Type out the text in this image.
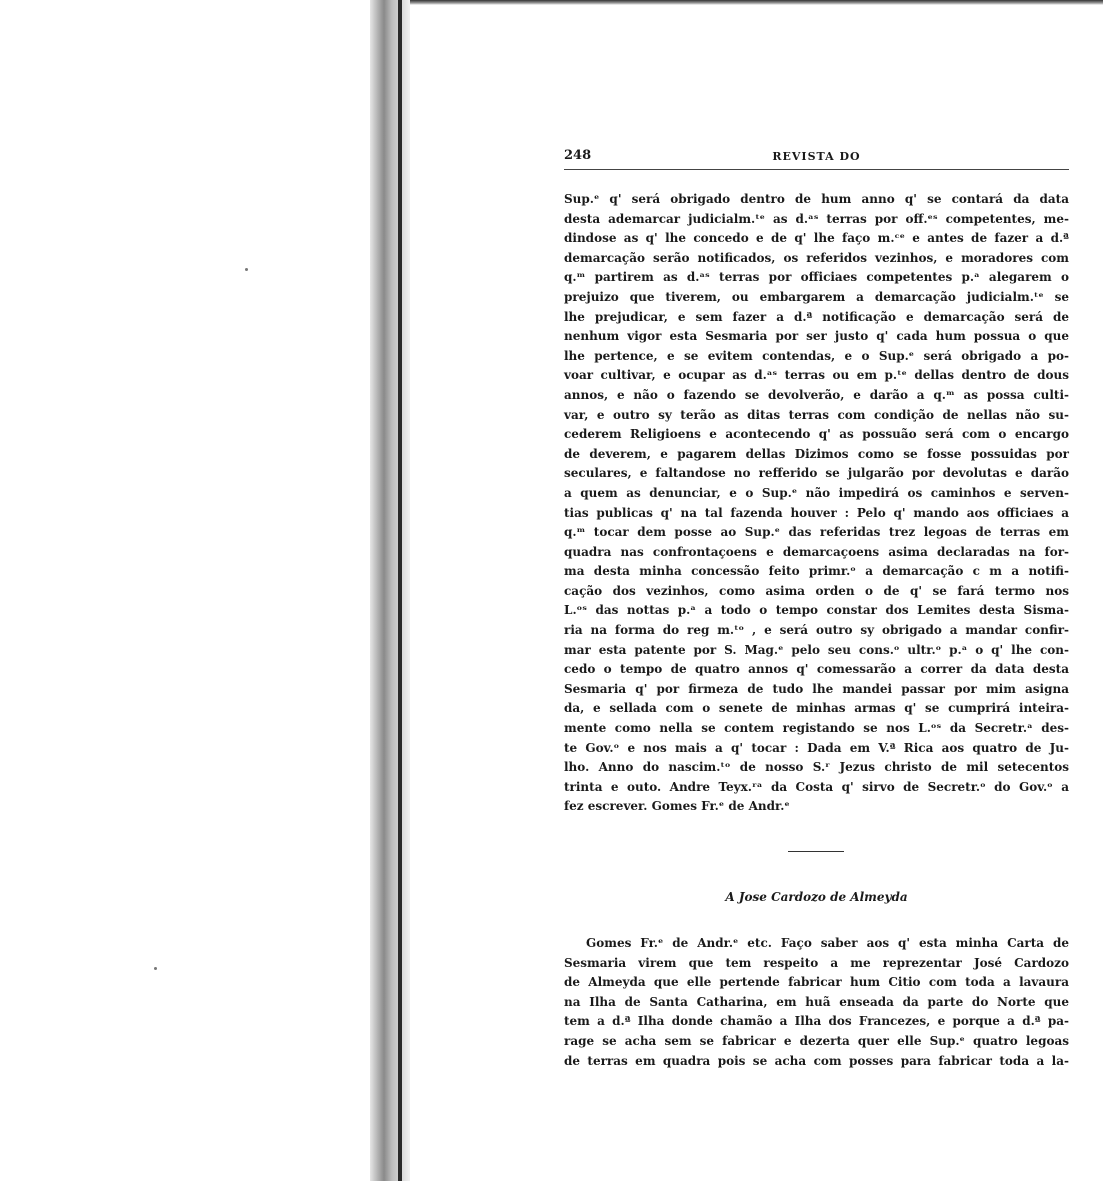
248	REVISTA DO
Sup.ᵉ q' será obrigado dentro de hum anno q' se contará da data
desta ademarcar judicialm.ᵗᵉ as d.ᵃˢ terras por off.ᵉˢ competentes, me-
dindose as q' lhe concedo e de q' lhe faço m.ᶜᵉ e antes de fazer a d.ª
demarcação serão notificados, os referidos vezinhos, e moradores com
q.ᵐ partirem as d.ᵃˢ terras por officiaes competentes p.ᵃ alegarem o
prejuizo que tiverem, ou embargarem a demarcação judicialm.ᵗᵉ se
lhe prejudicar, e sem fazer a d.ª notificação e demarcação será de
nenhum vigor esta Sesmaria por ser justo q' cada hum possua o que
lhe pertence, e se evitem contendas, e o Sup.ᵉ será obrigado a po-
voar cultivar, e ocupar as d.ᵃˢ terras ou em p.ᵗᵉ dellas dentro de dous
annos, e não o fazendo se devolverão, e darão a q.ᵐ as possa culti-
var, e outro sy terão as ditas terras com condição de nellas não su-
cederem Religioens e acontecendo q' as possuão será com o encargo
de deverem, e pagarem dellas Dizimos como se fosse possuidas por
seculares, e faltandose no refferido se julgarão por devolutas e darão
a quem as denunciar, e o Sup.ᵉ não impedirá os caminhos e serven-
tias publicas q' na tal fazenda houver : Pelo q' mando aos officiaes a
q.ᵐ tocar dem posse ao Sup.ᵉ das referidas trez legoas de terras em
quadra nas confrontaçoens e demarcaçoens asima declaradas na for-
ma desta minha concessão feito primr.ᵒ a demarcação c m a notifi-
cação dos vezinhos, como asima orden o de q' se fará termo nos
L.ᵒˢ das nottas p.ᵃ a todo o tempo constar dos Lemites desta Sisma-
ria na forma do reg m.ᵗᵒ , e será outro sy obrigado a mandar confir-
mar esta patente por S. Mag.ᵉ pelo seu cons.ᵒ ultr.ᵒ p.ᵃ o q' lhe con-
cedo o tempo de quatro annos q' comessarão a correr da data desta
Sesmaria q' por firmeza de tudo lhe mandei passar por mim asigna
da, e sellada com o senete de minhas armas q' se cumprirá inteira-
mente como nella se contem registando se nos L.ᵒˢ da Secretr.ᵃ des-
te Gov.ᵒ e nos mais a q' tocar : Dada em V.ª Rica aos quatro de Ju-
lho. Anno do nascim.ᵗᵒ de nosso S.ʳ Jezus christo de mil setecentos
trinta e outo. Andre Teyx.ʳᵃ da Costa q' sirvo de Secretr.ᵒ do Gov.ᵒ a
fez escrever. Gomes Fr.ᵉ de Andr.ᵉ
A Jose Cardozo de Almeyda
Gomes Fr.ᵉ de Andr.ᵉ etc. Faço saber aos q' esta minha Carta de
Sesmaria virem que tem respeito a me reprezentar José Cardozo
de Almeyda que elle pertende fabricar hum Citio com toda a lavaura
na Ilha de Santa Catharina, em huã enseada da parte do Norte que
tem a d.ª Ilha donde chamão a Ilha dos Francezes, e porque a d.ª pa-
rage se acha sem se fabricar e dezerta quer elle Sup.ᵉ quatro legoas
de terras em quadra pois se acha com posses para fabricar toda a la-
